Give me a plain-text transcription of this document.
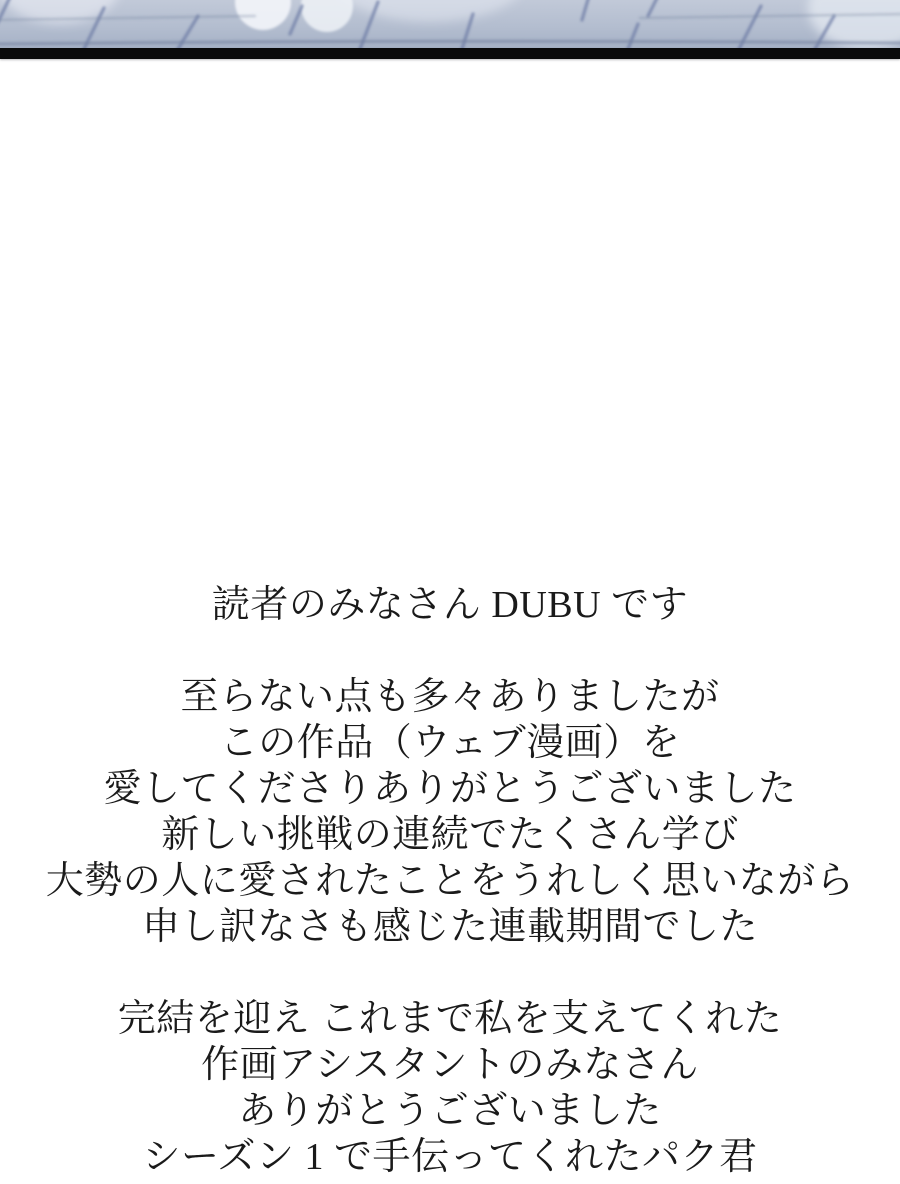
読者のみなさん DUBU です

至らない点も多々ありましたが
この作品（ウェブ漫画）を
愛してくださりありがとうございました
新しい挑戦の連続でたくさん学び
大勢の人に愛されたことをうれしく思いながら
申し訳なさも感じた連載期間でした

完結を迎え これまで私を支えてくれた
作画アシスタントのみなさん
ありがとうございました
シーズン 1 で手伝ってくれたパク君
